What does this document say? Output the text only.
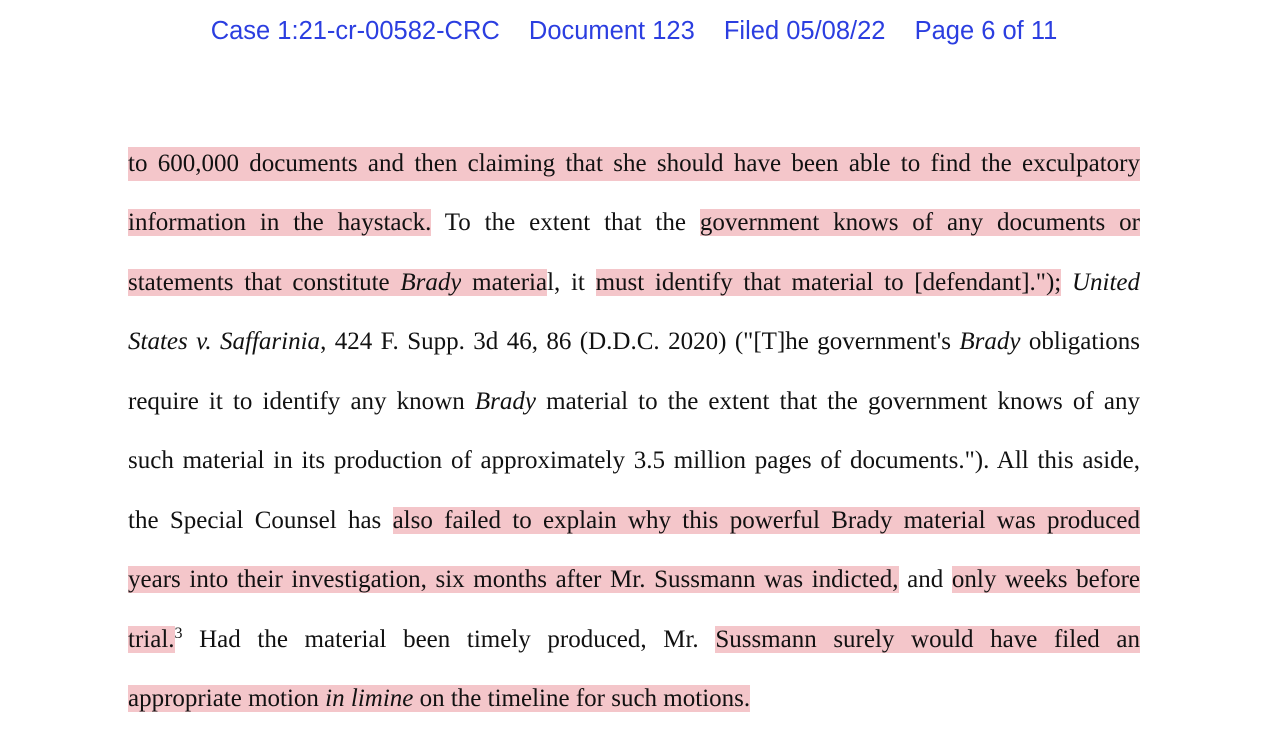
Case 1:21-cr-00582-CRC Document 123 Filed 05/08/22 Page 6 of 11
to 600,000 documents and then claiming that she should have been able to find the exculpatory
information in the haystack. To the extent that the government knows of any documents or
statements that constitute Brady material, it must identify that material to [defendant]."); United
States v. Saffarinia, 424 F. Supp. 3d 46, 86 (D.D.C. 2020) ("[T]he government's Brady obligations
require it to identify any known Brady material to the extent that the government knows of any
such material in its production of approximately 3.5 million pages of documents."). All this aside,
the Special Counsel has also failed to explain why this powerful Brady material was produced
years into their investigation, six months after Mr. Sussmann was indicted, and only weeks before
trial.$^3$ Had the material been timely produced, Mr. Sussmann surely would have filed an
appropriate motion in limine on the timeline for such motions.
